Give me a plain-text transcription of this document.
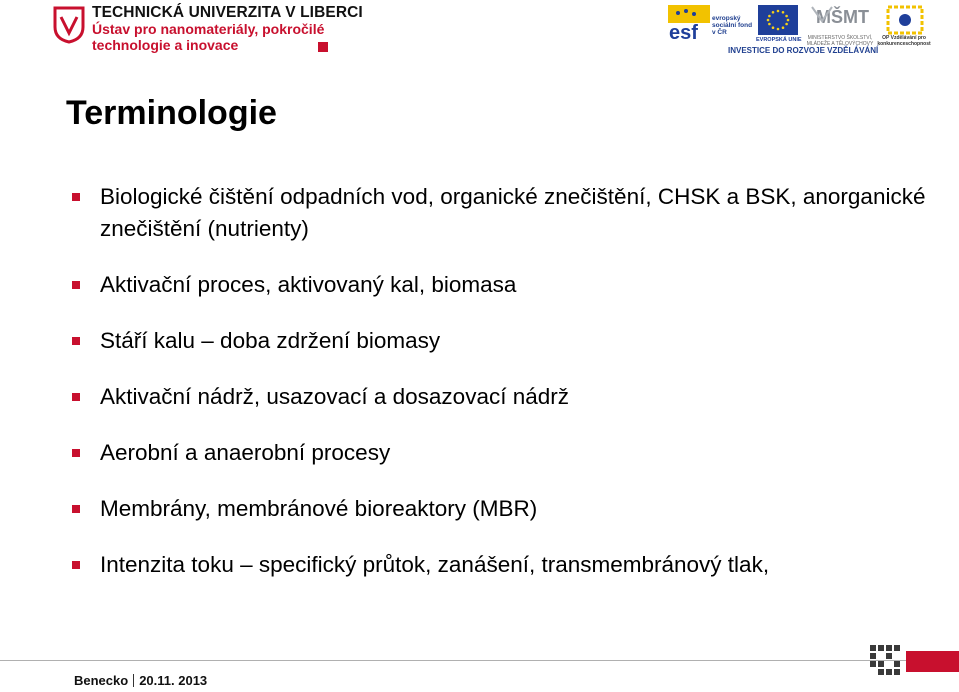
TECHNICKÁ UNIVERZITA V LIBERCI
Ústav pro nanomateriály, pokročilé
technologie a inovace
esf
evropský sociální fond v ČR
EVROPSKÁ UNIE
MŠMT
MINISTERSTVO ŠKOLSTVÍ, MLÁDEŽE A TĚLOVÝCHOVY
OP Vzdělávání pro konkurenceschopnost
INVESTICE DO ROZVOJE VZDĚLÁVÁNÍ
Terminologie
Biologické čištění odpadních vod, organické znečištění, CHSK a BSK, anorganické znečištění (nutrienty)
Aktivační proces, aktivovaný kal, biomasa
Stáří kalu – doba zdržení biomasy
Aktivační nádrž, usazovací a dosazovací nádrž
Aerobní a anaerobní procesy
Membrány, membránové bioreaktory (MBR)
Intenzita toku – specifický průtok, zanášení, transmembránový tlak,
Benecko 20.11. 2013
